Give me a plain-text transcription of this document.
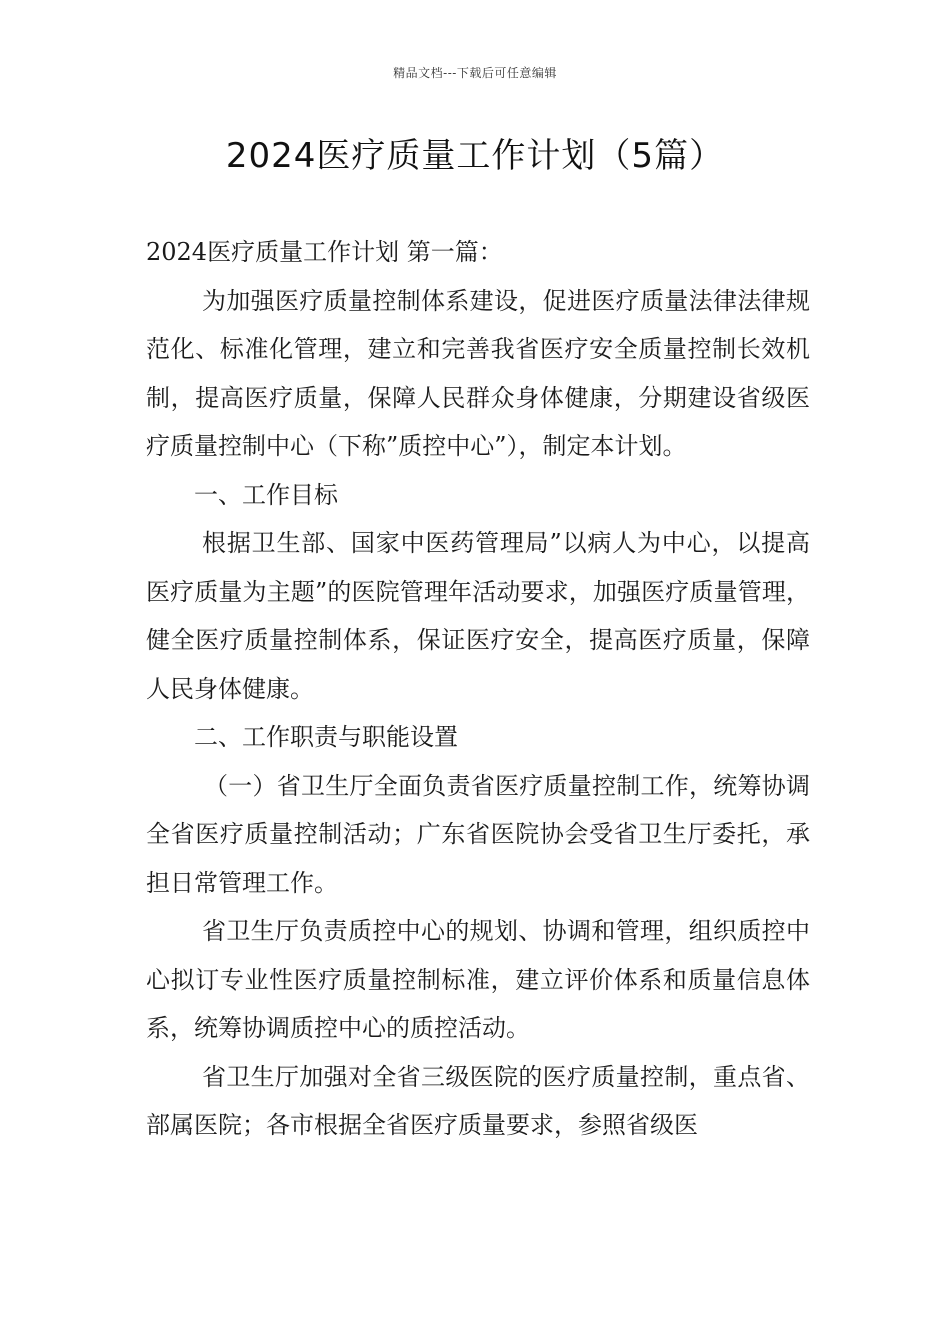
精品文档---下载后可任意编辑
2024医疗质量工作计划（5篇）

2024医疗质量工作计划 第一篇：

为加强医疗质量控制体系建设，促进医疗质量法律法律规范化、标准化管理，建立和完善我省医疗安全质量控制长效机制，提高医疗质量，保障人民群众身体健康，分期建设省级医疗质量控制中心（下称”质控中心”），制定本计划。

一、工作目标

根据卫生部、国家中医药管理局”以病人为中心，以提高医疗质量为主题”的医院管理年活动要求，加强医疗质量管理，健全医疗质量控制体系，保证医疗安全，提高医疗质量，保障人民身体健康。

二、工作职责与职能设置

（一）省卫生厅全面负责省医疗质量控制工作，统筹协调全省医疗质量控制活动；广东省医院协会受省卫生厅委托，承担日常管理工作。

省卫生厅负责质控中心的规划、协调和管理，组织质控中心拟订专业性医疗质量控制标准，建立评价体系和质量信息体系，统筹协调质控中心的质控活动。

省卫生厅加强对全省三级医院的医疗质量控制，重点省、部属医院；各市根据全省医疗质量要求，参照省级医
